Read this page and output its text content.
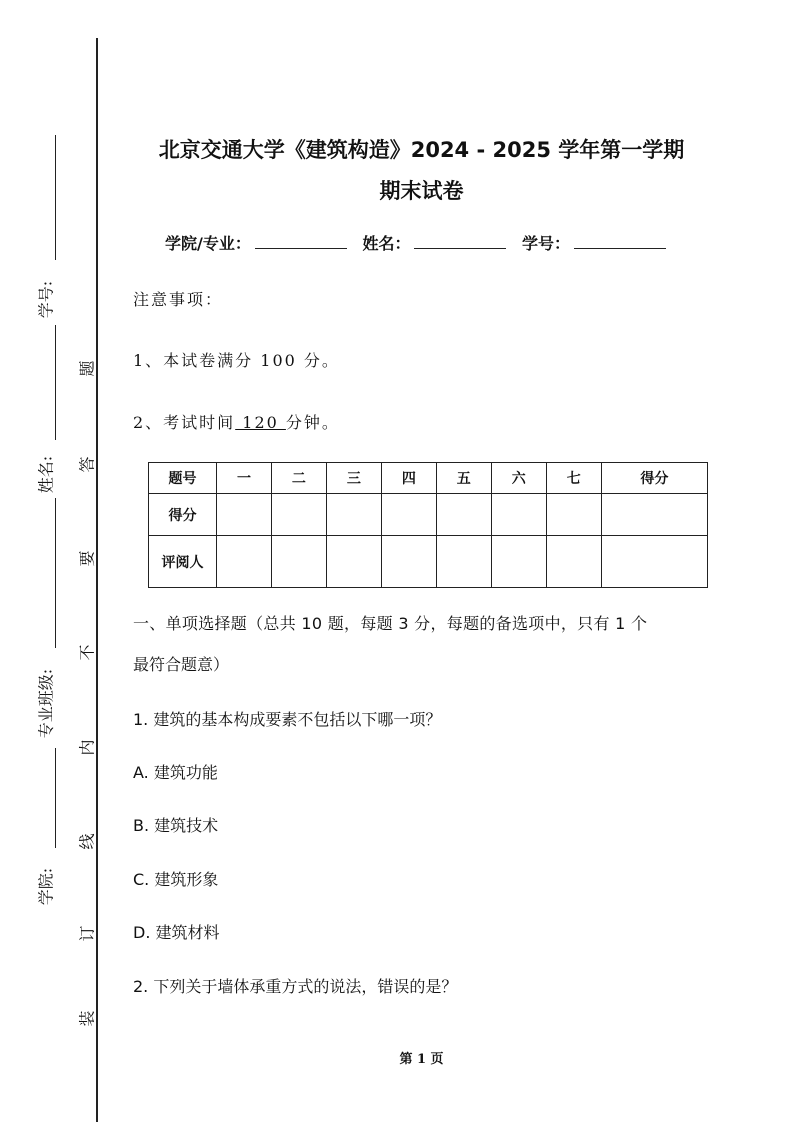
学号:
姓名:
专业班级:
学院:
题
答
要
不
内
线
订
装
北京交通大学《建筑构造》2024 - 2025 学年第一学期
期末试卷
学院/专业：	姓名：	学号：
注意事项：
1、本试卷满分 100 分。
2、考试时间 120 分钟。
题号	一	二	三	四	五	六	七	得分
得分								
评阅人								
一、单项选择题（总共 10 题，每题 3 分，每题的备选项中，只有 1 个
最符合题意）
1. 建筑的基本构成要素不包括以下哪一项？
A. 建筑功能
B. 建筑技术
C. 建筑形象
D. 建筑材料
2. 下列关于墙体承重方式的说法，错误的是？
第 1 页
